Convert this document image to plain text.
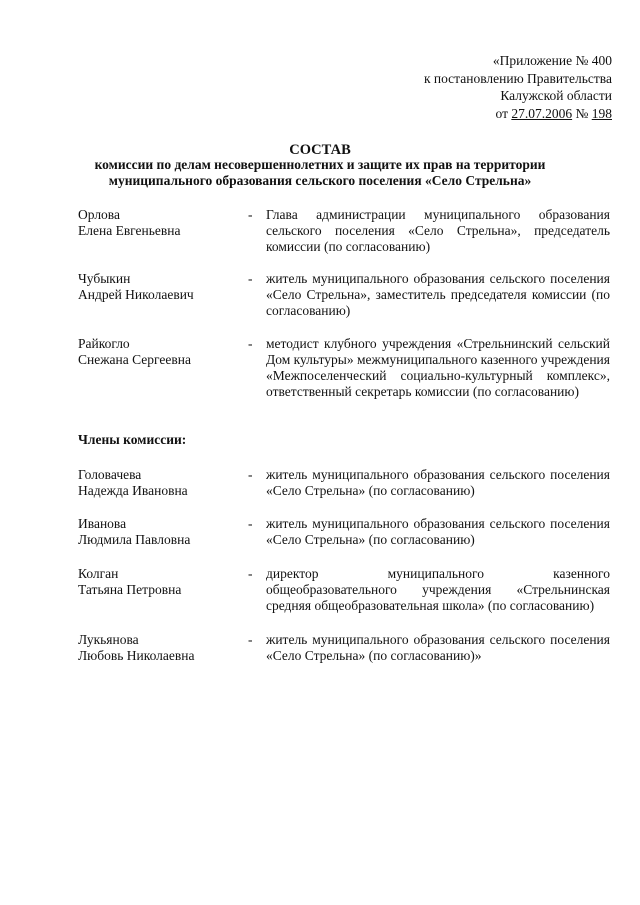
«Приложение № 400
к постановлению Правительства
Калужской области
от 27.07.2006 № 198
СОСТАВ
комиссии по делам несовершеннолетних и защите их прав на территории
муниципального образования сельского поселения «Село Стрельна»
Орлова
Елена Евгеньевна
- Глава администрации муниципального образования сельского поселения «Село Стрельна», председатель комиссии (по согласованию)
Чубыкин
Андрей Николаевич
- житель муниципального образования сельского поселения «Село Стрельна», заместитель председателя комиссии (по согласованию)
Райкогло
Снежана Сергеевна
- методист клубного учреждения «Стрельнинский сельский Дом культуры» межмуниципального казенного учреждения «Межпоселенческий социально-культурный комплекс», ответственный секретарь комиссии (по согласованию)
Члены комиссии:
Головачева
Надежда Ивановна
- житель муниципального образования сельского поселения «Село Стрельна» (по согласованию)
Иванова
Людмила Павловна
- житель муниципального образования сельского поселения «Село Стрельна» (по согласованию)
Колган
Татьяна Петровна
- директор муниципального казенного общеобразовательного учреждения «Стрельнинская средняя общеобразовательная школа» (по согласованию)
Лукьянова
Любовь Николаевна
- житель муниципального образования сельского поселения «Село Стрельна» (по согласованию)»
